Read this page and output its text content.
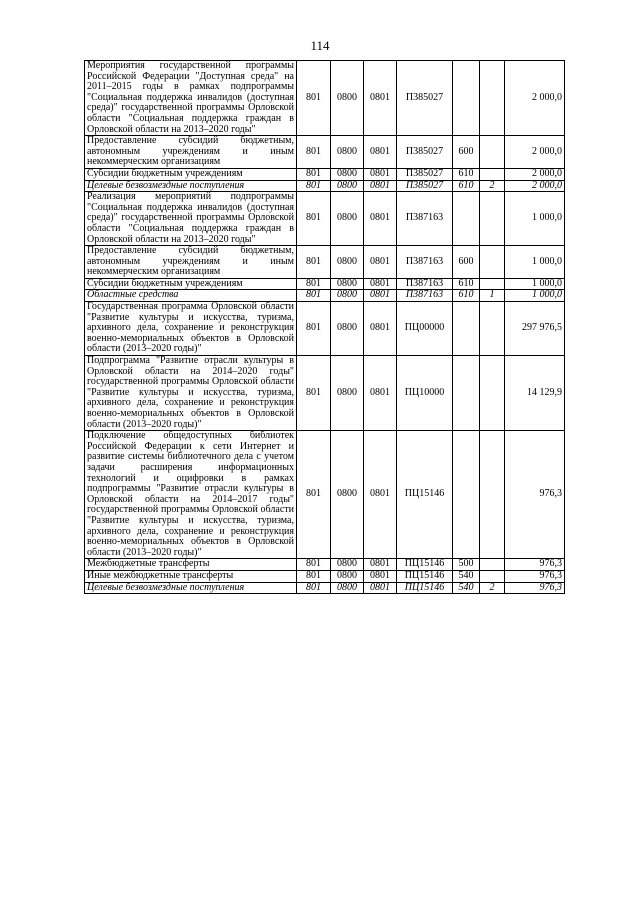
114
Мероприятия государственной программы Российской Федерации "Доступная среда" на 2011–2015 годы в рамках подпрограммы "Социальная поддержка инвалидов (доступная среда)" государственной программы Орловской области "Социальная поддержка граждан в Орловской области на 2013–2020 годы"	801	0800	0801	П385027			2 000,0
Предоставление субсидий бюджетным, автономным учреждениям и иным некоммерческим организациям	801	0800	0801	П385027	600		2 000,0
Субсидии бюджетным учреждениям	801	0800	0801	П385027	610		2 000,0
Целевые безвозмездные поступления	801	0800	0801	П385027	610	2	2 000,0
Реализация мероприятий подпрограммы "Социальная поддержка инвалидов (доступная среда)" государственной программы Орловской области "Социальная поддержка граждан в Орловской области на 2013–2020 годы"	801	0800	0801	П387163			1 000,0
Предоставление субсидий бюджетным, автономным учреждениям и иным некоммерческим организациям	801	0800	0801	П387163	600		1 000,0
Субсидии бюджетным учреждениям	801	0800	0801	П387163	610		1 000,0
Областные средства	801	0800	0801	П387163	610	1	1 000,0
Государственная программа Орловской области "Развитие культуры и искусства, туризма, архивного дела, сохранение и реконструкция военно-мемориальных объектов в Орловской области (2013–2020 годы)"	801	0800	0801	ПЦ00000			297 976,5
Подпрограмма "Развитие отрасли культуры в Орловской области на 2014–2020 годы" государственной программы Орловской области "Развитие культуры и искусства, туризма, архивного дела, сохранение и реконструкция военно-мемориальных объектов в Орловской области (2013–2020 годы)"	801	0800	0801	ПЦ10000			14 129,9
Подключение общедоступных библиотек Российской Федерации к сети Интернет и развитие системы библиотечного дела с учетом задачи расширения информационных технологий и оцифровки в рамках подпрограммы "Развитие отрасли культуры в Орловской области на 2014–2017 годы" государственной программы Орловской области "Развитие культуры и искусства, туризма, архивного дела, сохранение и реконструкция военно-мемориальных объектов в Орловской области (2013–2020 годы)"	801	0800	0801	ПЦ15146			976,3
Межбюджетные трансферты	801	0800	0801	ПЦ15146	500		976,3
Иные межбюджетные трансферты	801	0800	0801	ПЦ15146	540		976,3
Целевые безвозмездные поступления	801	0800	0801	ПЦ15146	540	2	976,3
